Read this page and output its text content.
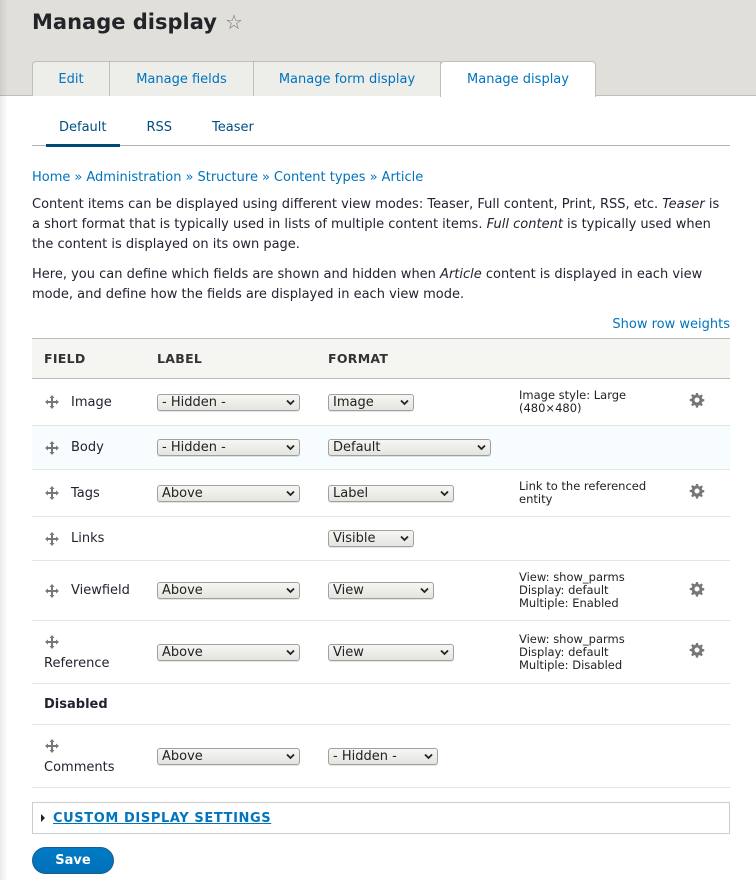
Manage display ☆
Edit	Manage fields	Manage form display	Manage display
Default	RSS	Teaser
Home » Administration » Structure » Content types » Article

Content items can be displayed using different view modes: Teaser, Full content, Print, RSS, etc. Teaser is a short format that is typically used in lists of multiple content items. Full content is typically used when the content is displayed on its own page.

Here, you can define which fields are shown and hidden when Article content is displayed in each view mode, and define how the fields are displayed in each view mode.

Show row weights
FIELD	LABEL	FORMAT		

Image	- Hidden -	Image	Image style: Large
(480×480)

Body	- Hidden -	Default		

Tags	Above	Label	Link to the referenced
entity

Links		Visible		

Viewfield	Above	View	View: show_parms
Display: default
Multiple: Enabled

Reference	Above	View	View: show_parms
Display: default
Multiple: Disabled

Disabled				

Comments	Above	- Hidden -		
CUSTOM DISPLAY SETTINGS
Save
